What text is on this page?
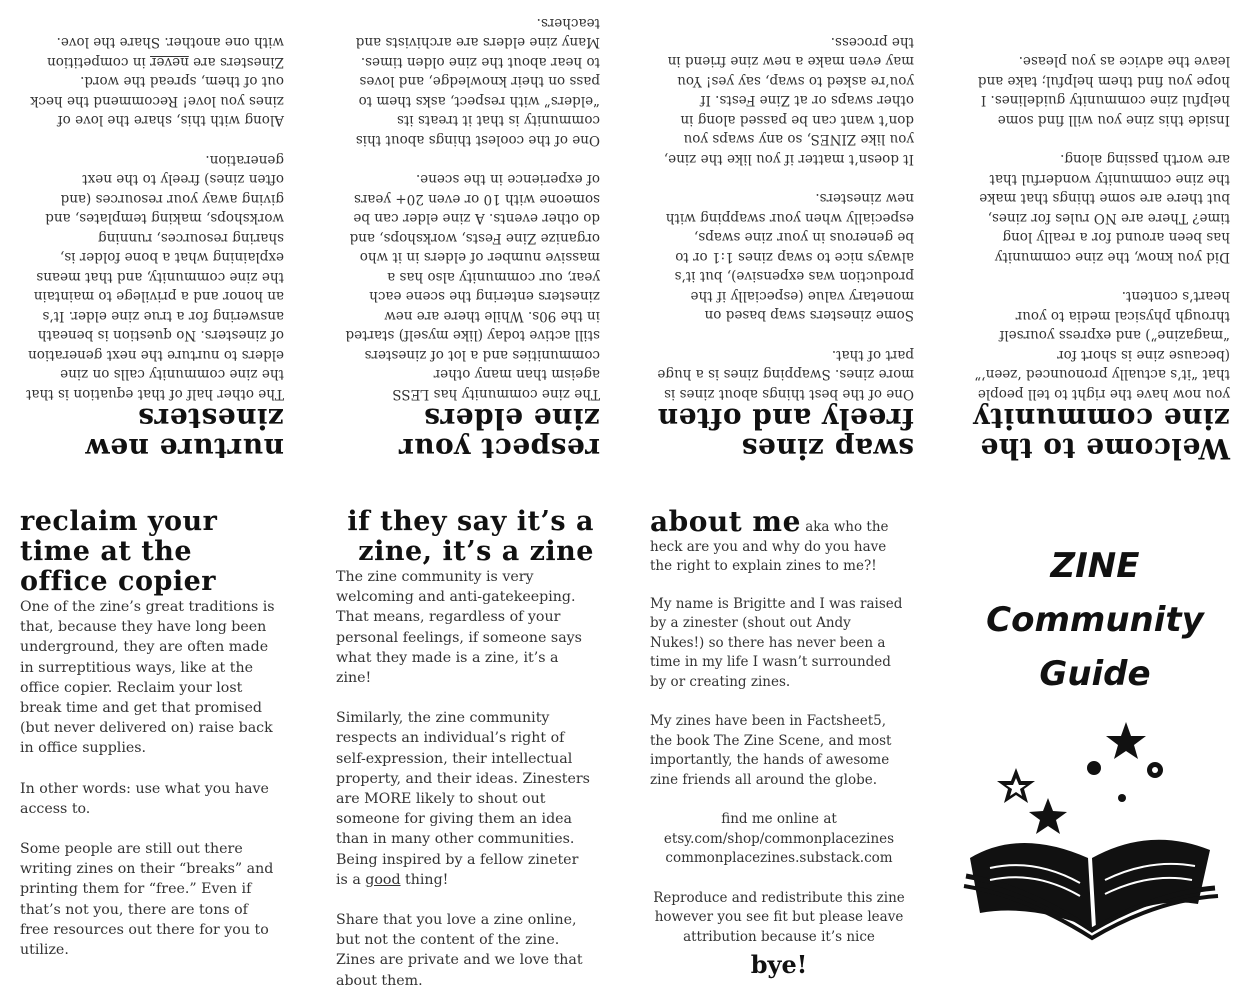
Welcome to the zine community
you now have the right to tell people that “it’s actually pronounced ‘zeen’” (because zine is short for “magazine”) and express yourself through physical media to your heart’s content.
Did you know, the zine community has been around for a really long time? There are NO rules for zines, but there are some things that make the zine community wonderful that are worth passing along.
Inside this zine you will find some helpful zine community guidelines. I hope you find them helpful; take and leave the advice as you please.
swap zines freely and often
One of the best things about zines is more zines. Swapping zines is a huge part of that.
Some zinesters swap based on monetary value (especially if the production was expensive), but it’s always nice to swap zines 1:1 or to be generous in your zine swaps, especially when your swapping with new zinesters.
It doesn’t matter if you like the zine, you like ZINES, so any swaps you don’t want can be passed along in other swaps or at Zine Fests. If you’re asked to swap, say yes! You may even make a new zine friend in the process.
respect your zine elders
The zine community has LESS ageism than many other communities and a lot of zinesters still active today (like myself) started in the 90s. While there are new zinesters entering the scene each year, our community also has a massive number of elders in it who organize Zine Fests, workshops, and do other events. A zine elder can be someone with 10 or even 20+ years of experience in the scene.
One of the coolest things about this community is that it treats its “elders” with respect, asks them to pass on their knowledge, and loves to hear about the zine olden times. Many zine elders are archivists and teachers.
nurture new zinesters
The other half of that equation is that the zine community calls on zine elders to nurture the next generation of zinesters. No question is beneath answering for a true zine elder. It’s an honor and a privilege to maintain the zine community, and that means explaining what a bone folder is, sharing resources, running workshops, making templates, and giving away your resources (and often zines) freely to the next generation.
Along with this, share the love of zines you love! Recommend the heck out of them, spread the word. Zinesters are never in competition with one another. Share the love.
reclaim your time at the office copier
One of the zine’s great traditions is that, because they have long been underground, they are often made in surreptitious ways, like at the office copier. Reclaim your lost break time and get that promised (but never delivered on) raise back in office supplies.
In other words: use what you have access to.
Some people are still out there writing zines on their “breaks” and printing them for “free.” Even if that’s not you, there are tons of free resources out there for you to utilize.
if they say it’s a zine, it’s a zine
The zine community is very welcoming and anti-gatekeeping. That means, regardless of your personal feelings, if someone says what they made is a zine, it’s a zine!
Similarly, the zine community respects an individual’s right of self-expression, their intellectual property, and their ideas. Zinesters are MORE likely to shout out someone for giving them an idea than in many other communities. Being inspired by a fellow zineter is a good thing!
Share that you love a zine online, but not the content of the zine. Zines are private and we love that about them.
about me aka who the heck are you and why do you have the right to explain zines to me?!
My name is Brigitte and I was raised by a zinester (shout out Andy Nukes!) so there has never been a time in my life I wasn’t surrounded by or creating zines.
My zines have been in Factsheet5, the book The Zine Scene, and most importantly, the hands of awesome zine friends all around the globe.
find me online at
etsy.com/shop/commonplacezines
commonplacezines.substack.com
Reproduce and redistribute this zine however you see fit but please leave attribution because it’s nice
bye!
ZINE
Community
Guide
